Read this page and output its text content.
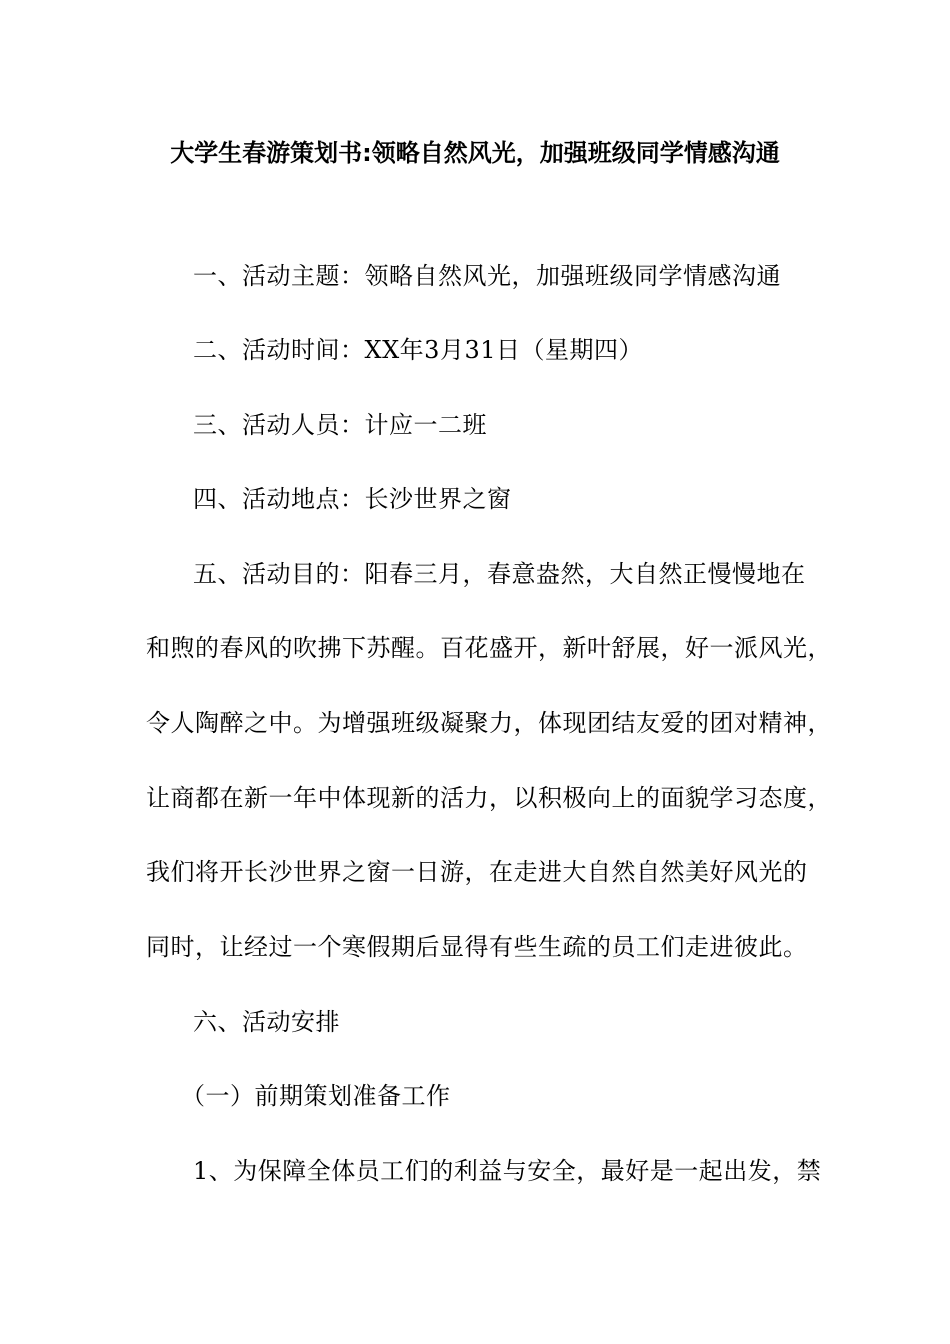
大学生春游策划书:领略自然风光，加强班级同学情感沟通
一、活动主题：领略自然风光，加强班级同学情感沟通
二、活动时间：XX年3月31日（星期四）
三、活动人员：计应一二班
四、活动地点：长沙世界之窗
五、活动目的：阳春三月，春意盎然，大自然正慢慢地在
和煦的春风的吹拂下苏醒。百花盛开，新叶舒展，好一派风光，
令人陶醉之中。为增强班级凝聚力，体现团结友爱的团对精神，
让商都在新一年中体现新的活力，以积极向上的面貌学习态度，
我们将开长沙世界之窗一日游，在走进大自然自然美好风光的
同时，让经过一个寒假期后显得有些生疏的员工们走进彼此。
六、活动安排
（一）前期策划准备工作
1、为保障全体员工们的利益与安全，最好是一起出发，禁
